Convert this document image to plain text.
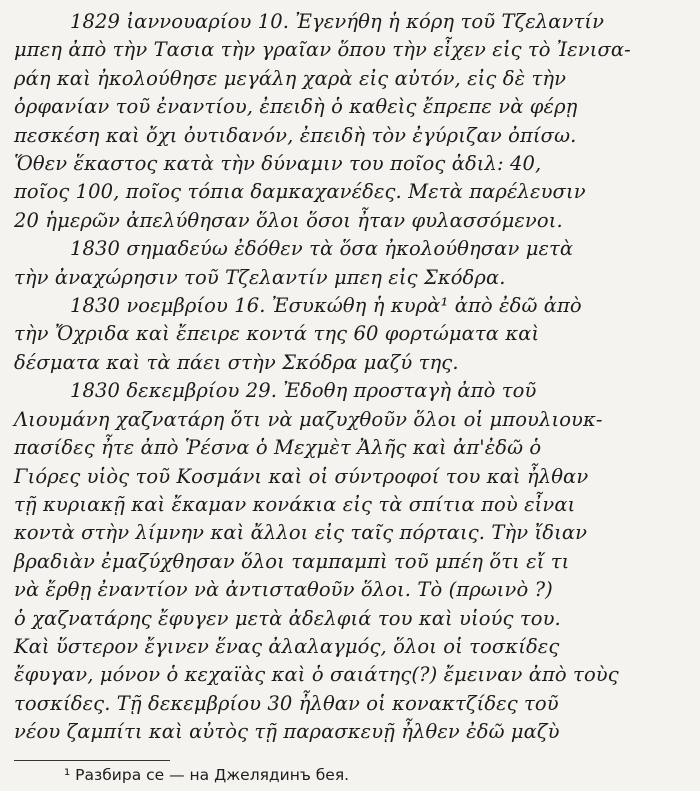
1829 ἰαννουαρίου 10. Ἐγενήθη ἡ κόρη τοῦ Τζελαντίν
μπεη ἀπὸ τὴν Τασια τὴν γραῖαν ὅπου τὴν εἶχεν εἰς τὸ Ἰενισα-
ράη καὶ ἠκολούθησε μεγάλη χαρὰ εἰς αὐτόν, εἰς δὲ τὴν
ὀρφανίαν τοῦ ἐναντίου, ἐπειδὴ ὁ καθεὶς ἔπρεπε νὰ φέρῃ
πεσκέση καὶ ὄχι ὀυτιδανόν, ἐπειδὴ τὸν ἐγύριζαν ὀπίσω.
Ὅθεν ἕκαστος κατὰ τὴν δύναμιν του ποῖος ἀδιλ: 40,
ποῖος 100, ποῖος τόπια δαμκαχανέδες. Μετὰ παρέλευσιν
20 ἡμερῶν ἀπελύθησαν ὅλοι ὅσοι ἦταν φυλασσόμενοι.
1830 σημαδεύω ἐδόθεν τὰ ὅσα ἠκολούθησαν μετὰ
τὴν ἀναχώρησιν τοῦ Τζελαντίν μπεη εἰς Σκόδρα.
1830 νοεμβρίου 16. Ἐσυκώθη ἡ κυρὰ¹ ἀπὸ ἐδῶ ἀπὸ
τὴν Ὄχριδα καὶ ἔπειρε κοντά της 60 φορτώματα καὶ
δέσματα καὶ τὰ πάει στὴν Σκόδρα μαζύ της.
1830 δεκεμβρίου 29. Ἐδοθη προσταγὴ ἀπὸ τοῦ
Λιουμάνη χαζνατάρη ὅτι νὰ μαζυχθοῦν ὅλοι οἱ μπουλιουκ-
πασίδες ἦτε ἀπὸ Ῥέσνα ὁ Μεχμὲτ Ἀλῆς καὶ ἀπ'ἐδῶ ὁ
Γιόρες υἱὸς τοῦ Κοσμάνι καὶ οἱ σύντροφοί του καὶ ἦλθαν
τῇ κυριακῇ καὶ ἔκαμαν κονάκια εἰς τὰ σπίτια ποὺ εἶναι
κοντὰ στὴν λίμνην καὶ ἄλλοι εἰς ταῖς πόρταις. Τὴν ἴδιαν
βραδιὰν ἐμαζύχθησαν ὅλοι ταμπαμπὶ τοῦ μπέη ὅτι εἴ τι
νὰ ἔρθῃ ἐναντίον νὰ ἀντισταθοῦν ὅλοι. Τὸ (πρωινὸ ?)
ὁ χαζνατάρης ἔφυγεν μετὰ ἀδελφιά του καὶ υἱούς του.
Καὶ ὕστερον ἔγινεν ἕνας ἀλαλαγμός, ὅλοι οἱ τοσκίδες
ἔφυγαν, μόνον ὁ κεχαϊὰς καὶ ὁ σαιάτης(?) ἔμειναν ἀπὸ τοὺς
τοσκίδες. Τῇ δεκεμβρίου 30 ἦλθαν οἱ κονακτζίδες τοῦ
νέου ζαμπίτι καὶ αὐτὸς τῇ παρασκευῇ ἦλθεν ἐδῶ μαζὺ
¹ Разбира се — на Джелядинъ бея.
